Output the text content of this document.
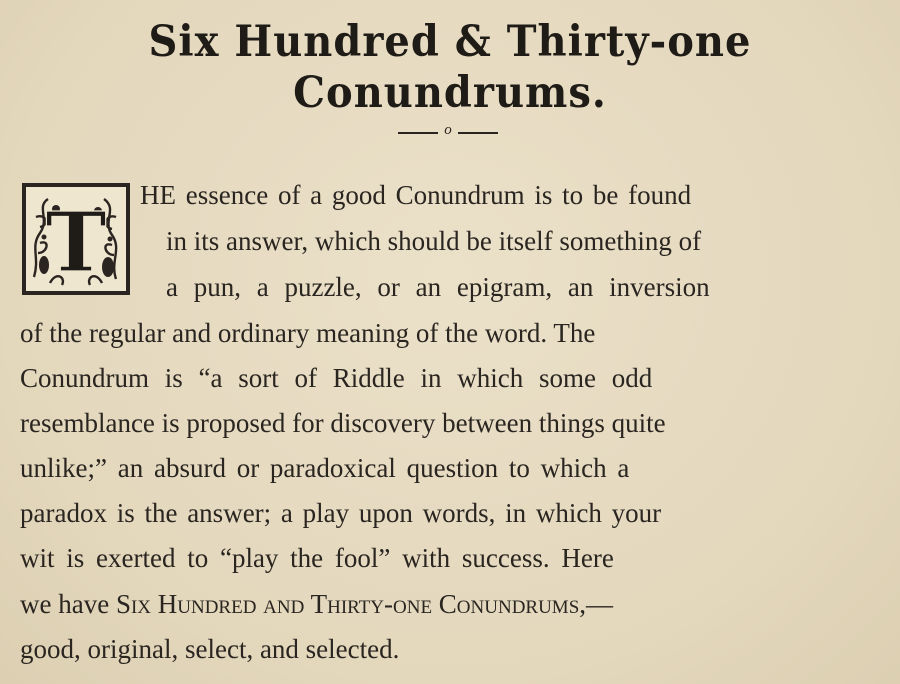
Six Hundred & Thirty-one Conundrums.
o
T HE essence of a good Conundrum is to be found
in its answer, which should be itself something of
a pun, a puzzle, or an epigram, an inversion
of the regular and ordinary meaning of the word. The
Conundrum is “a sort of Riddle in which some odd
resemblance is proposed for discovery between things quite
unlike;” an absurd or paradoxical question to which a
paradox is the answer; a play upon words, in which your
wit is exerted to “play the fool” with success. Here
we have Six Hundred and Thirty-one Conundrums,—
good, original, select, and selected.
